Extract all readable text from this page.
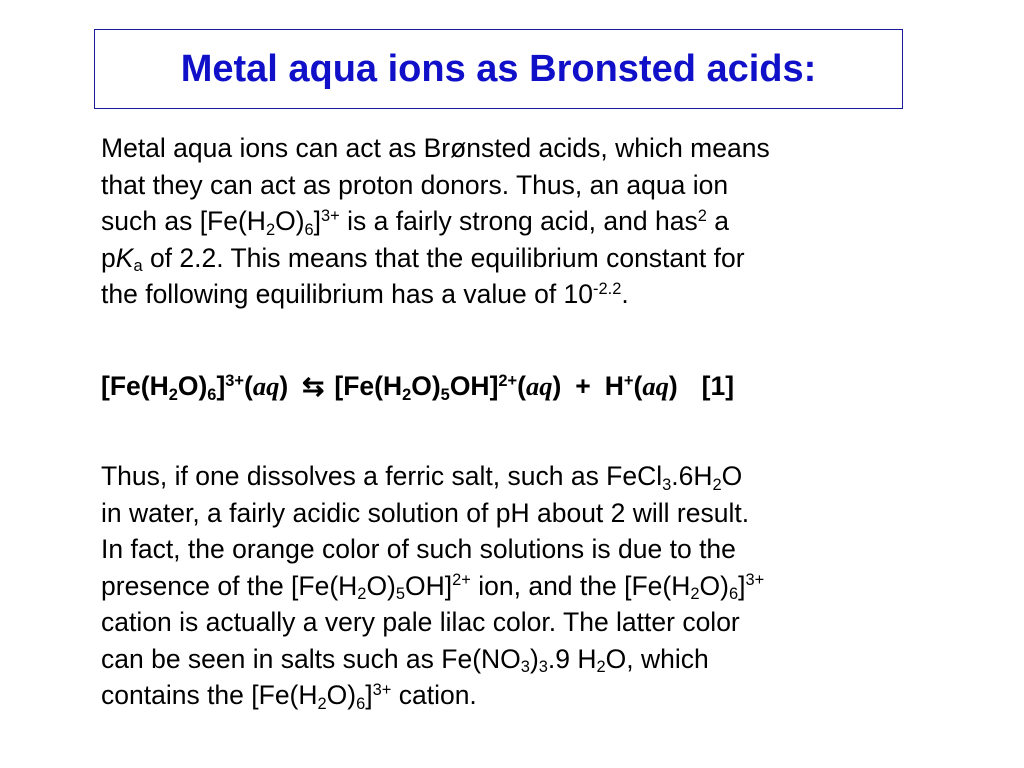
Metal aqua ions as Bronsted acids:

Metal aqua ions can act as Brønsted acids, which means
that they can act as proton donors. Thus, an aqua ion
such as $[Fe(H_2O)_6]^{3+}$ is a fairly strong acid, and has$^2$ a
$pK_a$ of 2.2. This means that the equilibrium constant for
the following equilibrium has a value of $10^{-2.2}$.

$[Fe(H_2O)_6]^{3+}(aq)$ ⇆ $[Fe(H_2O)_5OH]^{2+}(aq) + H^+(aq)$ [1]

Thus, if one dissolves a ferric salt, such as $FeCl_3.6H_2O$
in water, a fairly acidic solution of pH about 2 will result.
In fact, the orange color of such solutions is due to the
presence of the $[Fe(H_2O)_5OH]^{2+}$ ion, and the $[Fe(H_2O)_6]^{3+}$
cation is actually a very pale lilac color. The latter color
can be seen in salts such as $Fe(NO_3)_3.9$ $H_2O$, which
contains the $[Fe(H_2O)_6]^{3+}$ cation.
